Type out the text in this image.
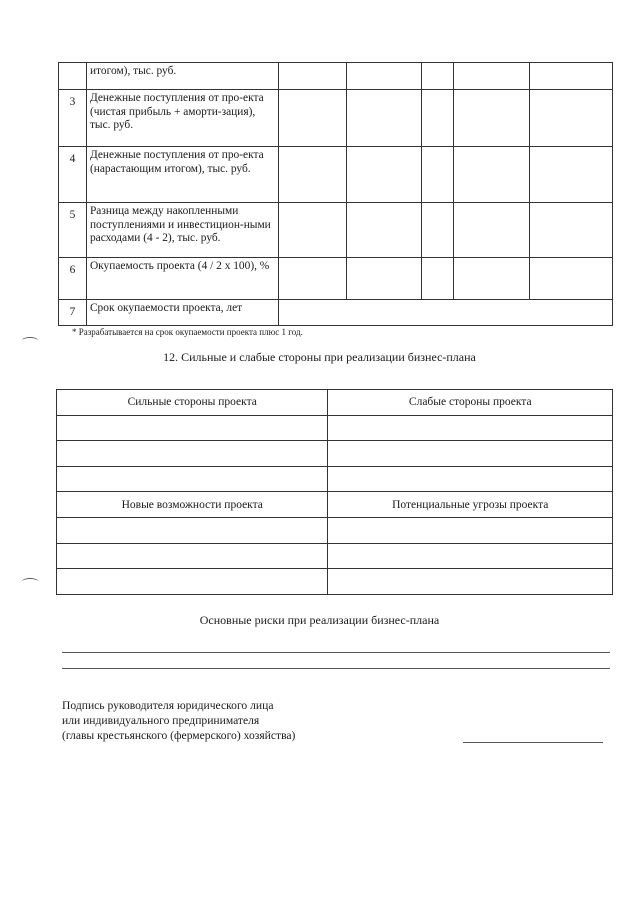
	итогом), тыс. руб.					
3	Денежные поступления от про-екта (чистая прибыль + аморти-зация), тыс. руб.					
4	Денежные поступления от про-екта (нарастающим итогом), тыс. руб.					
5	Разница между накопленными поступлениями и инвестицион-ными расходами (4 - 2), тыс. руб.					
6	Окупаемость проекта (4 / 2 х 100), %					
7	Срок окупаемости проекта, лет					
* Разрабатывается на срок окупаемости проекта плюс 1 год.
12. Сильные и слабые стороны при реализации бизнес-плана
Сильные стороны проекта	Слабые стороны проекта

Новые возможности проекта	Потенциальные угрозы проекта

Основные риски при реализации бизнес-плана
Подпись руководителя юридического лица
или индивидуального предпринимателя
(главы крестьянского (фермерского) хозяйства)
